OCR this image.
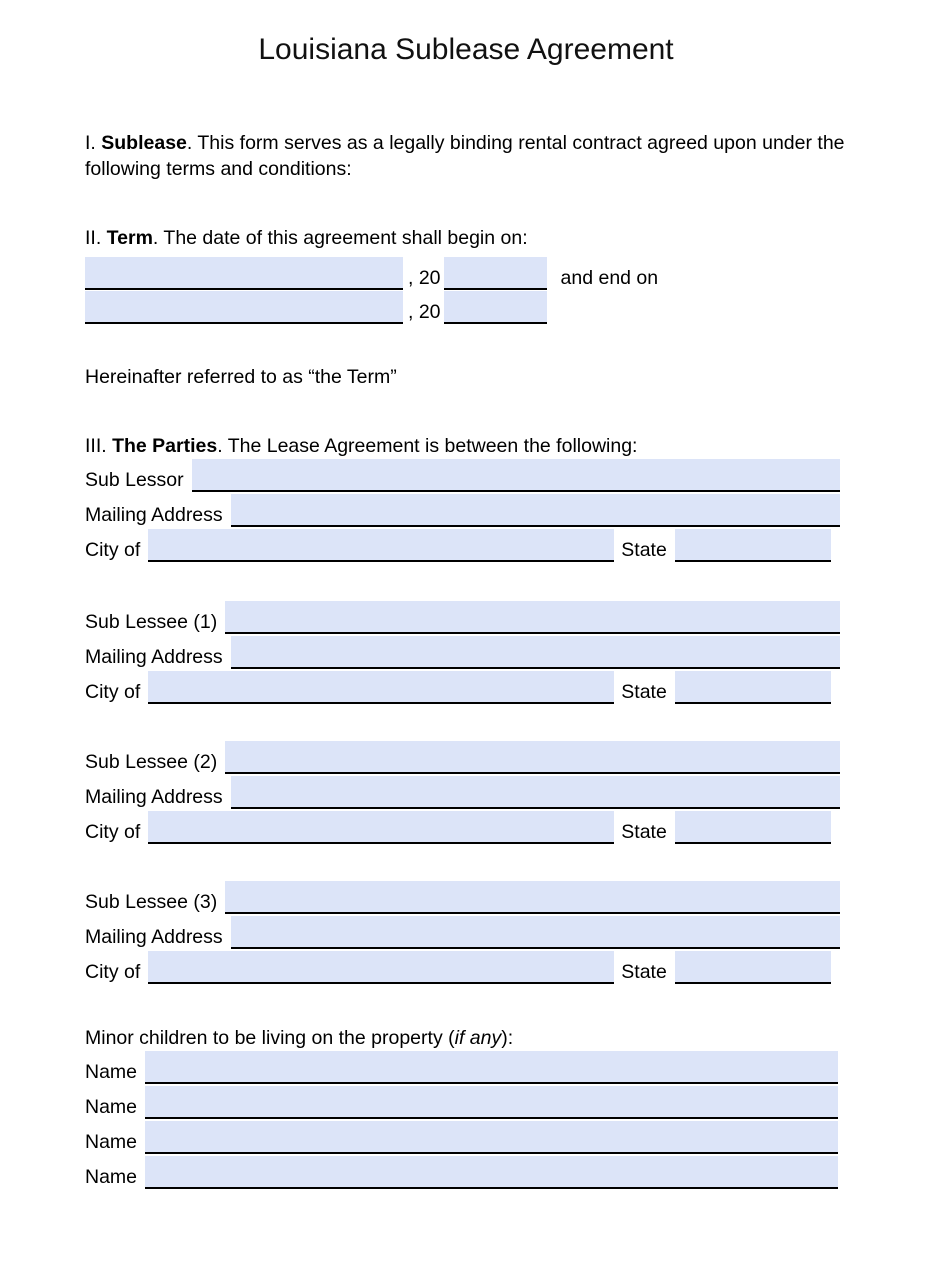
Louisiana Sublease Agreement
I. Sublease. This form serves as a legally binding rental contract agreed upon under the following terms and conditions:
II. Term. The date of this agreement shall begin on:
, 20	and end on
, 20
Hereinafter referred to as “the Term”
III. The Parties. The Lease Agreement is between the following:
Sub Lessor
Mailing Address
City of	State
Sub Lessee (1)
Mailing Address
City of	State
Sub Lessee (2)
Mailing Address
City of	State
Sub Lessee (3)
Mailing Address
City of	State
Minor children to be living on the property (if any):
Name
Name
Name
Name
